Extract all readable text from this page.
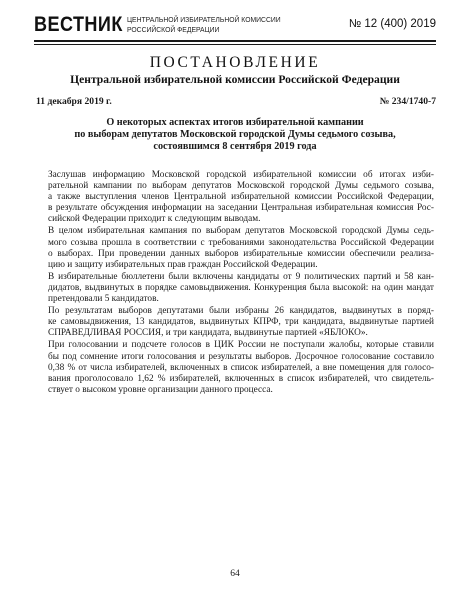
ВЕСТНИК ЦЕНТРАЛЬНОЙ ИЗБИРАТЕЛЬНОЙ КОМИССИИ
РОССИЙСКОЙ ФЕДЕРАЦИИ	№ 12 (400) 2019
ПОСТАНОВЛЕНИЕ
Центральной избирательной комиссии Российской Федерации
11 декабря 2019 г.	№ 234/1740-7
О некоторых аспектах итогов избирательной кампании
по выборам депутатов Московской городской Думы седьмого созыва,
состоявшимся 8 сентября 2019 года

Заслушав информацию Московской городской избирательной комиссии об итогах изби-
рательной кампании по выборам депутатов Московской городской Думы седьмого созыва,
а также выступления членов Центральной избирательной комиссии Российской Федерации,
в результате обсуждения информации на заседании Центральная избирательная комиссия Рос-
сийской Федерации приходит к следующим выводам.

В целом избирательная кампания по выборам депутатов Московской городской Думы седь-
мого созыва прошла в соответствии с требованиями законодательства Российской Федерации
о выборах. При проведении данных выборов избирательные комиссии обеспечили реализа-
цию и защиту избирательных прав граждан Российской Федерации.

В избирательные бюллетени были включены кандидаты от 9 политических партий и 58 кан-
дидатов, выдвинутых в порядке самовыдвижения. Конкуренция была высокой: на один мандат
претендовали 5 кандидатов.

По результатам выборов депутатами были избраны 26 кандидатов, выдвинутых в поряд-
ке самовыдвижения, 13 кандидатов, выдвинутых КПРФ, три кандидата, выдвинутые партией
СПРАВЕДЛИВАЯ РОССИЯ, и три кандидата, выдвинутые партией «ЯБЛОКО».

При голосовании и подсчете голосов в ЦИК России не поступали жалобы, которые ставили
бы под сомнение итоги голосования и результаты выборов. Досрочное голосование составило
0,38 % от числа избирателей, включенных в список избирателей, а вне помещения для голосо-
вания проголосовало 1,62 % избирателей, включенных в список избирателей, что свидетель-
ствует о высоком уровне организации данного процесса.

64
